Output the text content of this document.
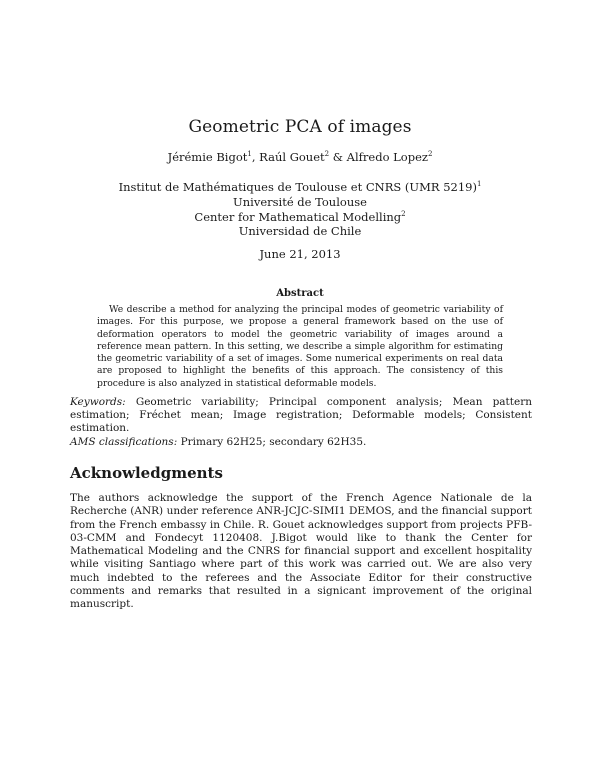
Geometric PCA of images
Jérémie Bigot$^1$, Raúl Gouet$^2$ & Alfredo Lopez$^2$
Institut de Mathématiques de Toulouse et CNRS (UMR 5219)$^1$
Université de Toulouse
Center for Mathematical Modelling$^2$
Universidad de Chile
June 21, 2013
Abstract
We describe a method for analyzing the principal modes of geometric variability of images. For this purpose, we propose a general framework based on the use of deformation operators to model the geometric variability of images around a reference mean pattern. In this setting, we describe a simple algorithm for estimating the geometric variability of a set of images. Some numerical experiments on real data are proposed to highlight the benefits of this approach. The consistency of this procedure is also analyzed in statistical deformable models.
Keywords: Geometric variability; Principal component analysis; Mean pattern estimation; Fréchet mean; Image registration; Deformable models; Consistent estimation.
AMS classifications: Primary 62H25; secondary 62H35.
Acknowledgments
The authors acknowledge the support of the French Agence Nationale de la Recherche (ANR) under reference ANR-JCJC-SIMI1 DEMOS, and the financial support from the French embassy in Chile. R. Gouet acknowledges support from projects PFB-03-CMM and Fondecyt 1120408. J.Bigot would like to thank the Center for Mathematical Modeling and the CNRS for financial support and excellent hospitality while visiting Santiago where part of this work was carried out. We are also very much indebted to the referees and the Associate Editor for their constructive comments and remarks that resulted in a signicant improvement of the original manuscript.
